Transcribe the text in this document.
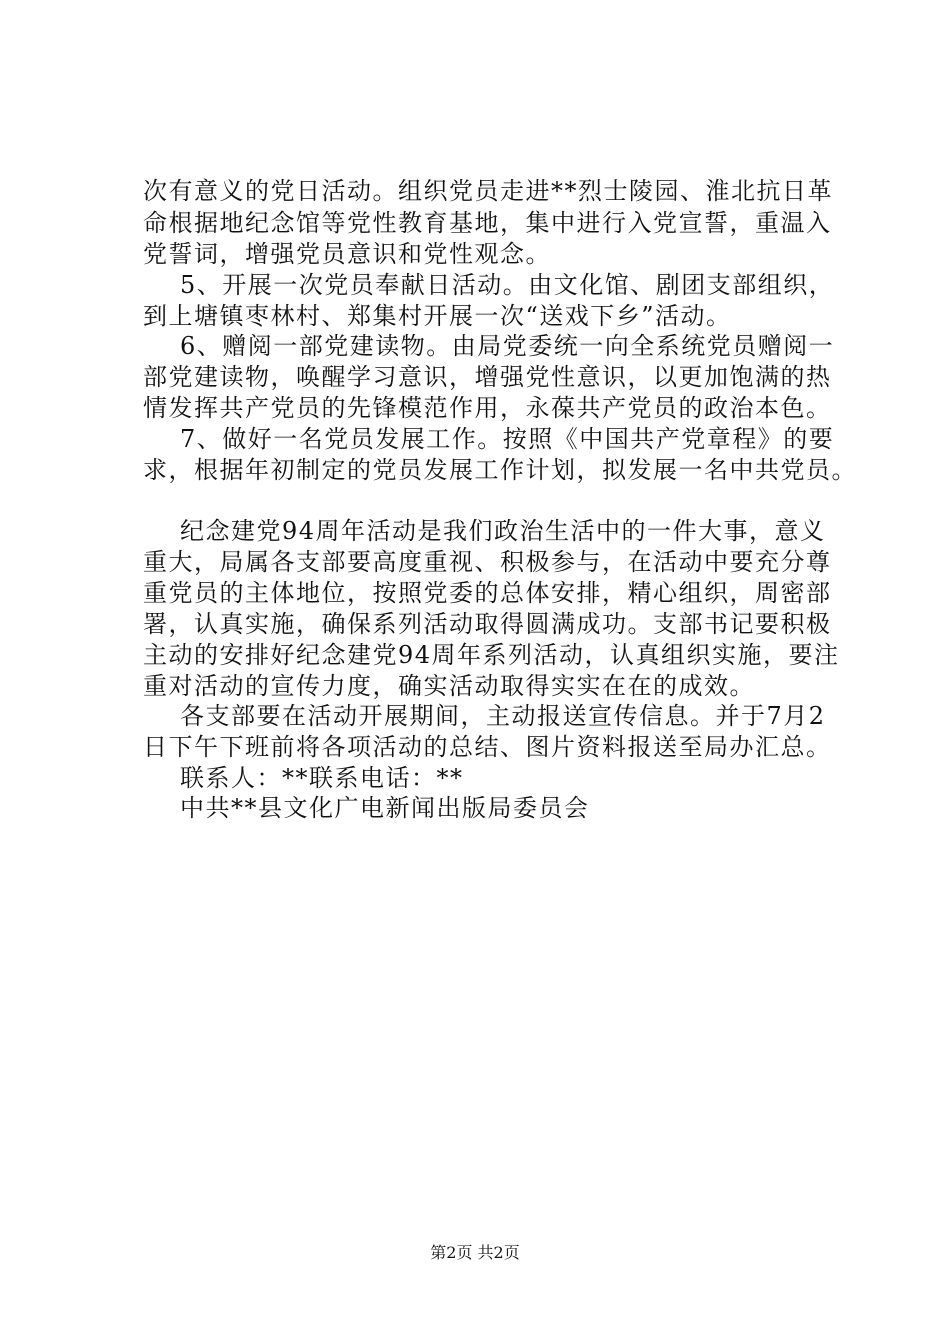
次有意义的党日活动。组织党员走进**烈士陵园、淮北抗日革
命根据地纪念馆等党性教育基地，集中进行入党宣誓，重温入
党誓词，增强党员意识和党性观念。
5、开展一次党员奉献日活动。由文化馆、剧团支部组织，
到上塘镇枣林村、郑集村开展一次“送戏下乡”活动。
6、赠阅一部党建读物。由局党委统一向全系统党员赠阅一
部党建读物，唤醒学习意识，增强党性意识，以更加饱满的热
情发挥共产党员的先锋模范作用，永葆共产党员的政治本色。
7、做好一名党员发展工作。按照《中国共产党章程》的要
求，根据年初制定的党员发展工作计划，拟发展一名中共党员。
纪念建党94周年活动是我们政治生活中的一件大事，意义
重大，局属各支部要高度重视、积极参与，在活动中要充分尊
重党员的主体地位，按照党委的总体安排，精心组织，周密部
署，认真实施，确保系列活动取得圆满成功。支部书记要积极
主动的安排好纪念建党94周年系列活动，认真组织实施，要注
重对活动的宣传力度，确实活动取得实实在在的成效。
各支部要在活动开展期间，主动报送宣传信息。并于7月2
日下午下班前将各项活动的总结、图片资料报送至局办汇总。
联系人：**联系电话：**
中共**县文化广电新闻出版局委员会
第2页 共2页
